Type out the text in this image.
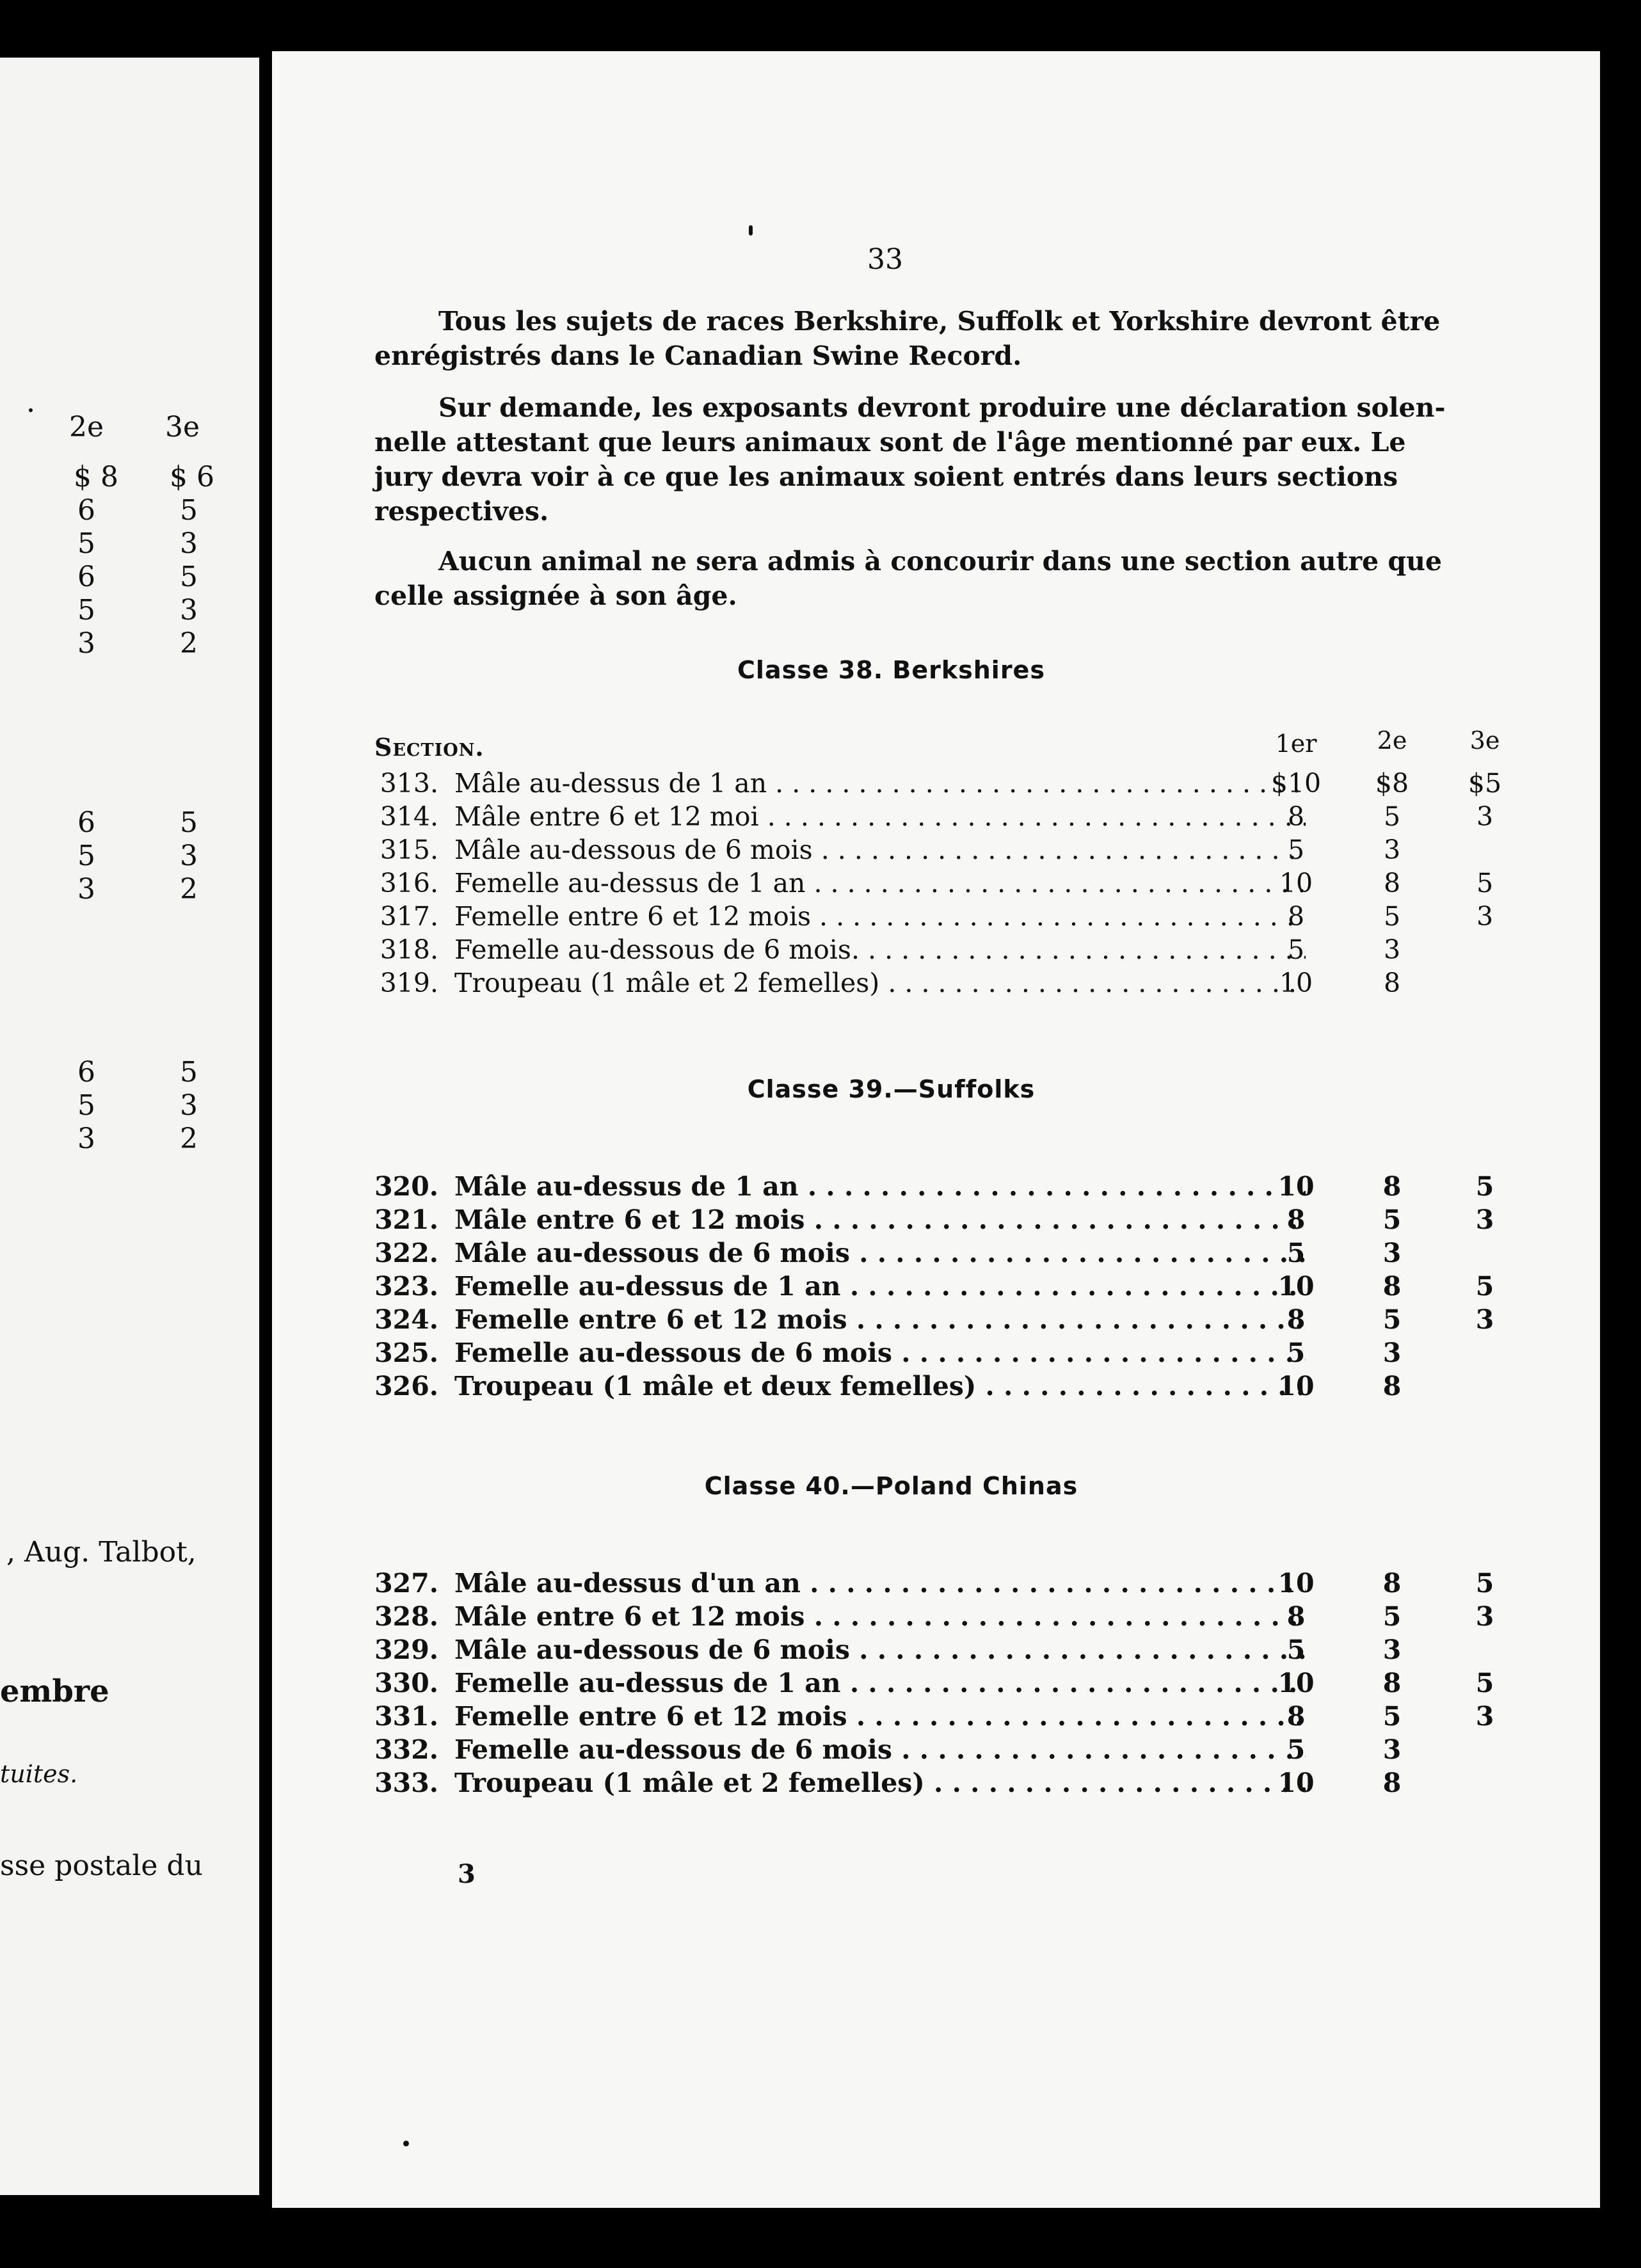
2e 3e
$ 8	$ 6
6	5
5	3
6	5
5	3
3	2
6	5
5	3
3	2
6	5
5	3
3	2
, Aug. Talbot,
embre
tuites.
sse postale du
33
Tous les sujets de races Berkshire, Suffolk et Yorkshire devront être
enrégistrés dans le Canadian Swine Record.
Sur demande, les exposants devront produire une déclaration solen-
nelle attestant que leurs animaux sont de l'âge mentionné par eux. Le
jury devra voir à ce que les animaux soient entrés dans leurs sections
respectives.
Aucun animal ne sera admis à concourir dans une section autre que
celle assignée à son âge.
Classe 38. Berkshires
Section.	1er	2e	3e
313. Mâle au-dessus de 1 an . . .	$10	$8	$5
314. Mâle entre 6 et 12 moi . . .	8	5	3
315. Mâle au-dessous de 6 mois . . .	5	3
316. Femelle au-dessus de 1 an . . .	10	8	5
317. Femelle entre 6 et 12 mois . . .	8	5	3
318. Femelle au-dessous de 6 mois. . . .	5	3
319. Troupeau (1 mâle et 2 femelles) . . .	10	8
Classe 39.—Suffolks
320. Mâle au-dessus de 1 an . . .	10	8	5
321. Mâle entre 6 et 12 mois . . .	8	5	3
322. Mâle au-dessous de 6 mois . . .	5	3
323. Femelle au-dessus de 1 an . . .	10	8	5
324. Femelle entre 6 et 12 mois . . .	8	5	3
325. Femelle au-dessous de 6 mois . . .	5	3
326. Troupeau (1 mâle et deux femelles) . . .	10	8
Classe 40.—Poland Chinas
327. Mâle au-dessus d'un an . . .	10	8	5
328. Mâle entre 6 et 12 mois . . .	8	5	3
329. Mâle au-dessous de 6 mois . . .	5	3
330. Femelle au-dessus de 1 an . . .	10	8	5
331. Femelle entre 6 et 12 mois . . .	8	5	3
332. Femelle au-dessous de 6 mois . . .	5	3
333. Troupeau (1 mâle et 2 femelles) . . .	10	8
3
